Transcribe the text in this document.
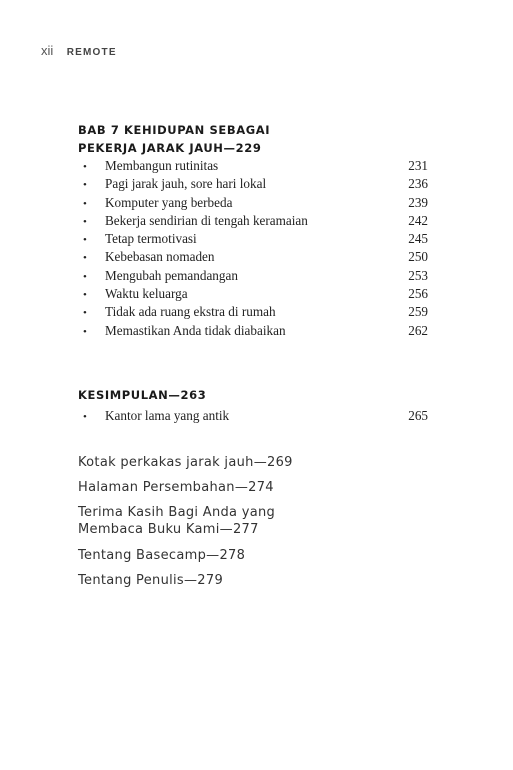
xii REMOTE
BAB 7 KEHIDUPAN SEBAGAI
PEKERJA JARAK JAUH—229
•	Membangun rutinitas	231
•	Pagi jarak jauh, sore hari lokal	236
•	Komputer yang berbeda	239
•	Bekerja sendirian di tengah keramaian	242
•	Tetap termotivasi	245
•	Kebebasan nomaden	250
•	Mengubah pemandangan	253
•	Waktu keluarga	256
•	Tidak ada ruang ekstra di rumah	259
•	Memastikan Anda tidak diabaikan	262
KESIMPULAN—263
•	Kantor lama yang antik	265
Kotak perkakas jarak jauh—269
Halaman Persembahan—274
Terima Kasih Bagi Anda yang
Membaca Buku Kami—277
Tentang Basecamp—278
Tentang Penulis—279
